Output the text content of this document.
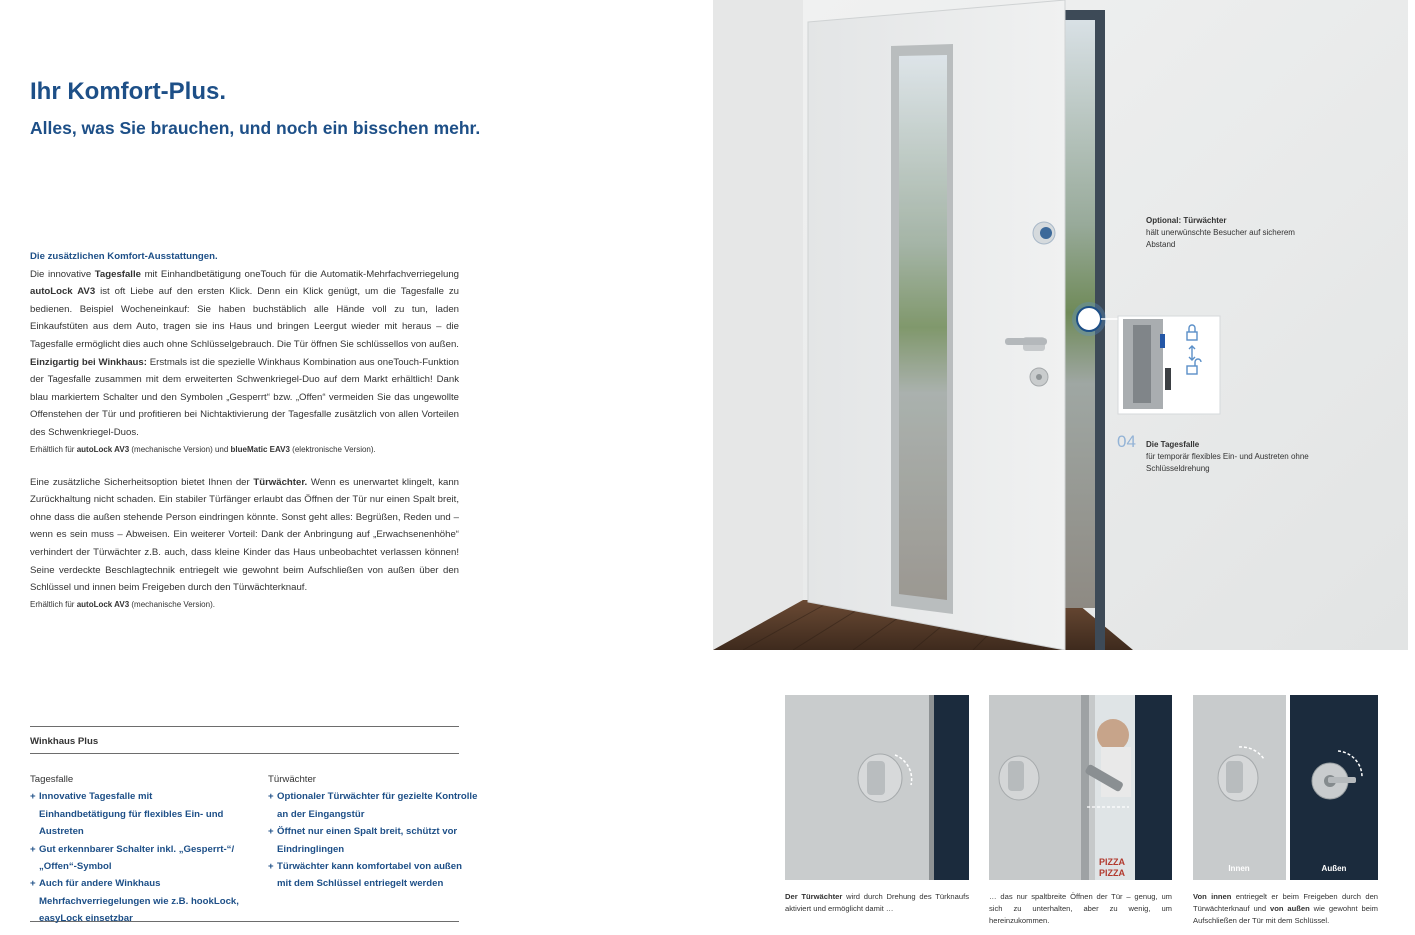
Ihr Komfort-Plus.
Alles, was Sie brauchen, und noch ein bisschen mehr.

Die zusätzlichen Komfort-Ausstattungen.

Die innovative Tagesfalle mit Einhandbetätigung oneTouch für die Automatik-Mehrfachverriegelung autoLock AV3 ist oft Liebe auf den ersten Klick. Denn ein Klick genügt, um die Tagesfalle zu bedienen. Beispiel Wocheneinkauf: Sie haben buchstäblich alle Hände voll zu tun, laden Einkaufstüten aus dem Auto, tragen sie ins Haus und bringen Leergut wieder mit heraus – die Tagesfalle ermöglicht dies auch ohne Schlüsselgebrauch. Die Tür öffnen Sie schlüssellos von außen.

Einzigartig bei Winkhaus: Erstmals ist die spezielle Winkhaus Kombination aus oneTouch-Funktion der Tagesfalle zusammen mit dem erweiterten Schwenkriegel-Duo auf dem Markt erhältlich! Dank blau markiertem Schalter und den Symbolen „Gesperrt“ bzw. „Offen“ vermeiden Sie das ungewollte Offenstehen der Tür und profitieren bei Nichtaktivierung der Tagesfalle zusätzlich von allen Vorteilen des Schwenkriegel-Duos.

Erhältlich für autoLock AV3 (mechanische Version) und blueMatic EAV3 (elektronische Version).

Eine zusätzliche Sicherheitsoption bietet Ihnen der Türwächter. Wenn es unerwartet klingelt, kann Zurückhaltung nicht schaden. Ein stabiler Türfänger erlaubt das Öffnen der Tür nur einen Spalt breit, ohne dass die außen stehende Person eindringen könnte. Sonst geht alles: Begrüßen, Reden und – wenn es sein muss – Abweisen. Ein weiterer Vorteil: Dank der Anbringung auf „Erwachsenenhöhe“ verhindert der Türwächter z.B. auch, dass kleine Kinder das Haus unbeobachtet verlassen können! Seine verdeckte Beschlagtechnik entriegelt wie gewohnt beim Aufschließen von außen über den Schlüssel und innen beim Freigeben durch den Türwächterknauf.

Erhältlich für autoLock AV3 (mechanische Version).

Winkhaus Plus
Tagesfalle
+ Innovative Tagesfalle mit Einhandbetätigung für flexibles Ein- und Austreten
+ Gut erkennbarer Schalter inkl. „Gesperrt-“/„Offen“-Symbol
+ Auch für andere Winkhaus Mehrfachverriegelungen wie z.B. hookLock, easyLock einsetzbar
Türwächter
+ Optionaler Türwächter für gezielte Kontrolle an der Eingangstür
+ Öffnet nur einen Spalt breit, schützt vor Eindringlingen
+ Türwächter kann komfortabel von außen mit dem Schlüssel entriegelt werden
Optional: Türwächter
hält unerwünschte Besucher auf sicherem Abstand
04 Die Tagesfalle
für temporär flexibles Ein- und Austreten ohne Schlüsseldrehung
PIZZA
PIZZA	Innen	Außen
Der Türwächter wird durch Drehung des Türknaufs aktiviert und ermöglicht damit …
… das nur spaltbreite Öffnen der Tür – genug, um sich zu unterhalten, aber zu wenig, um hereinzukommen.
Von innen entriegelt er beim Freigeben durch den Türwächterknauf und von außen wie gewohnt beim Aufschließen der Tür mit dem Schlüssel.
